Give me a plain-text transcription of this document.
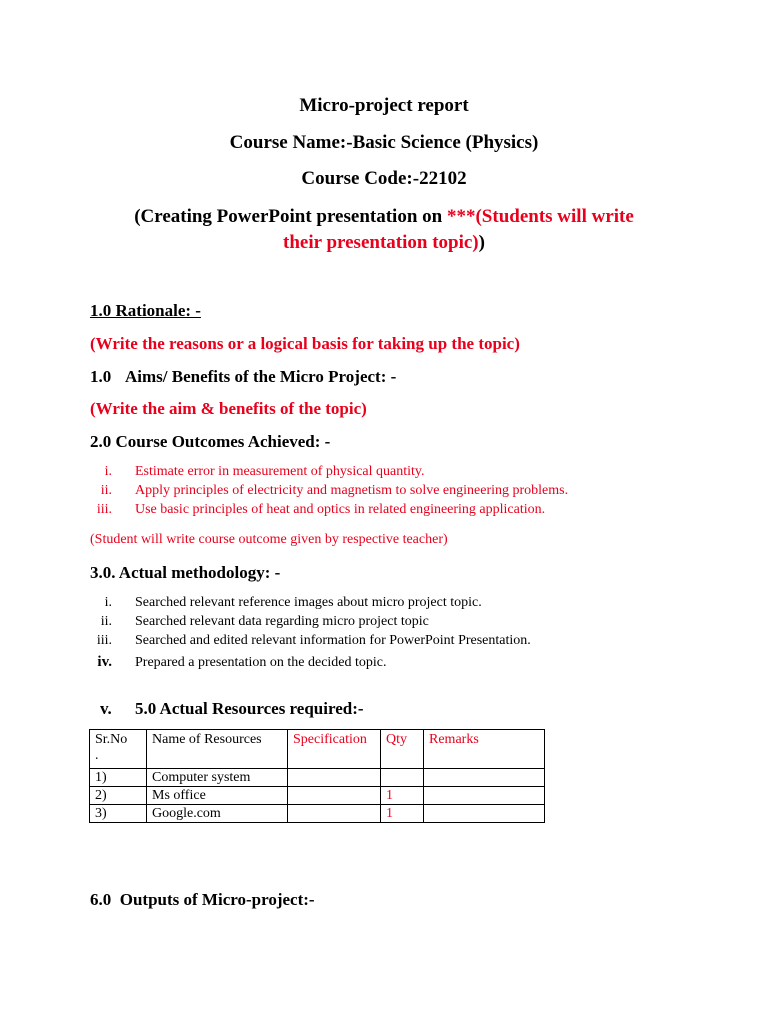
Micro-project report
Course Name:-Basic Science (Physics)
Course Code:-22102
(Creating PowerPoint presentation on ***(Students will write
their presentation topic))
1.0 Rationale: -
(Write the reasons or a logical basis for taking up the topic)
1.0 Aims/ Benefits of the Micro Project: -
(Write the aim & benefits of the topic)
2.0 Course Outcomes Achieved: -
i. Estimate error in measurement of physical quantity.
ii. Apply principles of electricity and magnetism to solve engineering problems.
iii. Use basic principles of heat and optics in related engineering application.
(Student will write course outcome given by respective teacher)
3.0. Actual methodology: -
i. Searched relevant reference images about micro project topic.
ii. Searched relevant data regarding micro project topic
iii. Searched and edited relevant information for PowerPoint Presentation.
iv. Prepared a presentation on the decided topic.
v. 5.0 Actual Resources required:-
Sr.No
.	Name of Resources	Specification	Qty	Remarks
1)	Computer system			
2)	Ms office		1	
3)	Google.com		1	
6.0  Outputs of Micro-project:-
